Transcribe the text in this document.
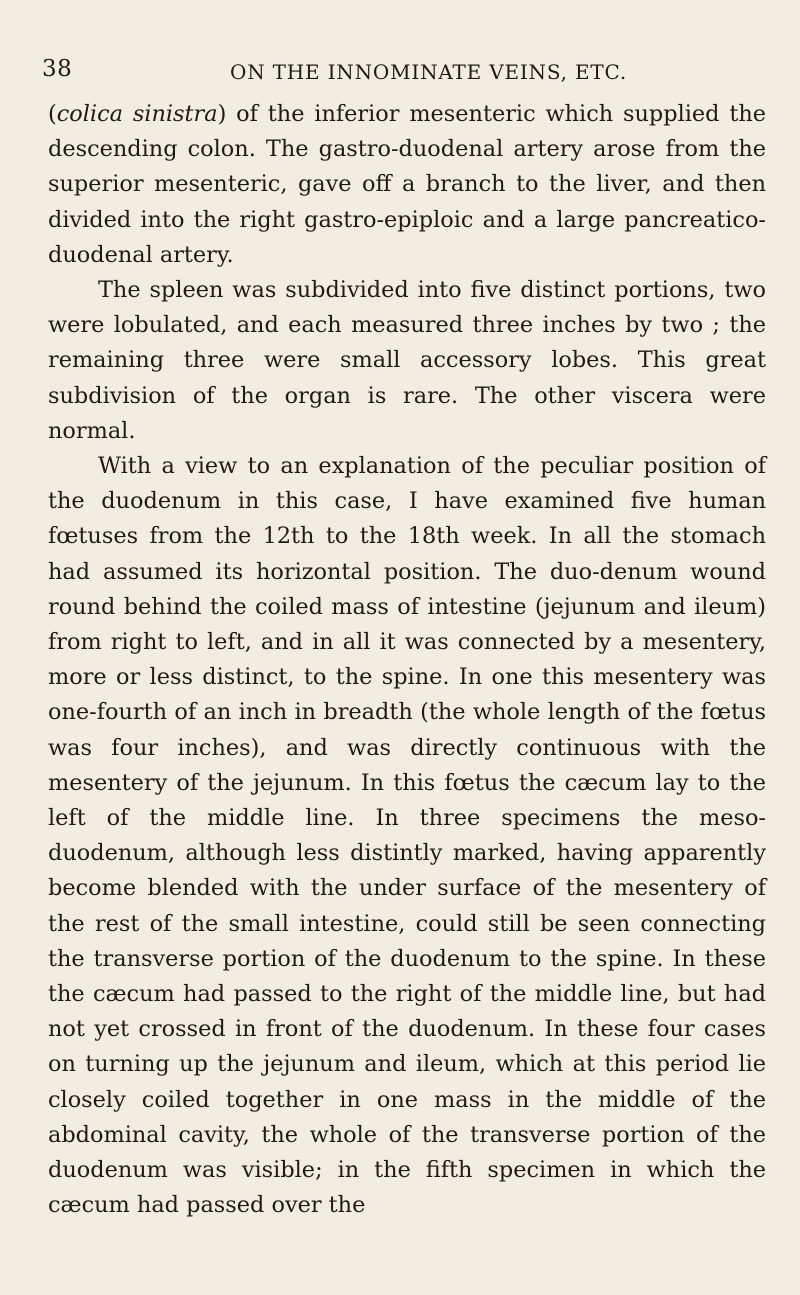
38	ON THE INNOMINATE VEINS, ETC.

(colica sinistra) of the inferior mesenteric which supplied the descending colon. The gastro-duodenal artery arose from the superior mesenteric, gave off a branch to the liver, and then divided into the right gastro-epiploic and a large pancreatico-duodenal artery.

The spleen was subdivided into five distinct portions, two were lobulated, and each measured three inches by two ; the remaining three were small accessory lobes. This great subdivision of the organ is rare. The other viscera were normal.

With a view to an explanation of the peculiar position of the duodenum in this case, I have examined five human fœtuses from the 12th to the 18th week. In all the stomach had assumed its horizontal position. The duo-denum wound round behind the coiled mass of intestine (jejunum and ileum) from right to left, and in all it was connected by a mesentery, more or less distinct, to the spine. In one this mesentery was one-fourth of an inch in breadth (the whole length of the fœtus was four inches), and was directly continuous with the mesentery of the jejunum. In this fœtus the cæcum lay to the left of the middle line. In three specimens the meso-duodenum, although less distintly marked, having apparently become blended with the under surface of the mesentery of the rest of the small intestine, could still be seen connecting the transverse portion of the duodenum to the spine. In these the cæcum had passed to the right of the middle line, but had not yet crossed in front of the duodenum. In these four cases on turning up the jejunum and ileum, which at this period lie closely coiled together in one mass in the middle of the abdominal cavity, the whole of the transverse portion of the duodenum was visible; in the fifth specimen in which the cæcum had passed over the
